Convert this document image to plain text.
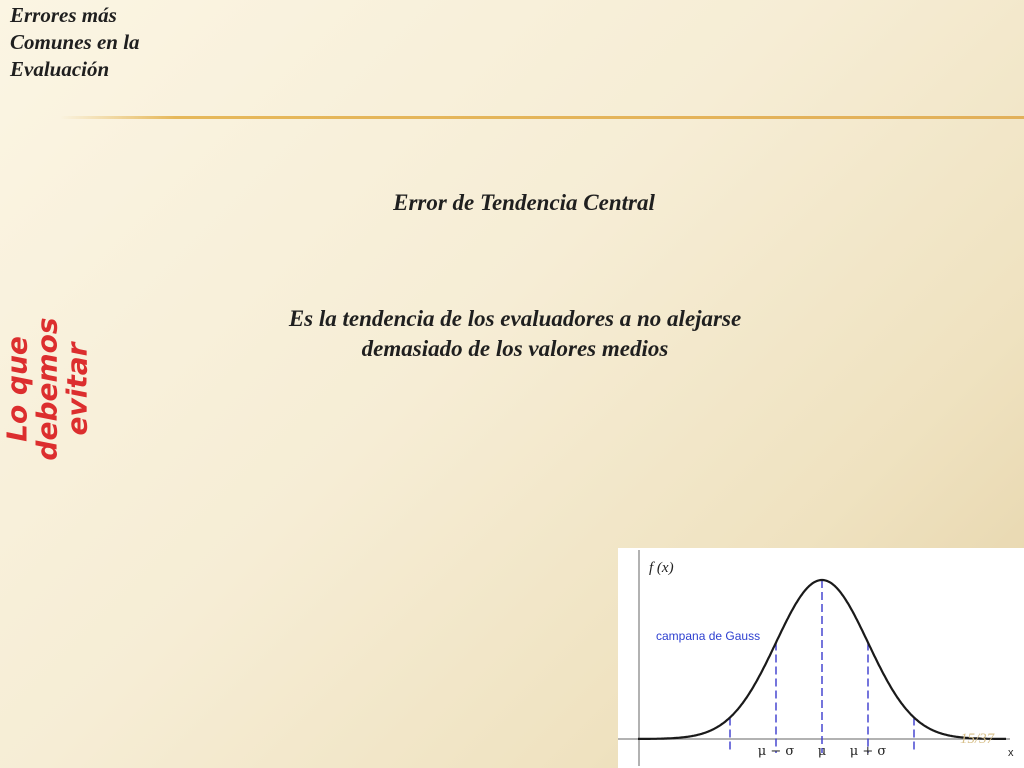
Errores más
Comunes en la
Evaluación
Lo que debemos
evitar
Error de Tendencia Central
Es la tendencia de los evaluadores a no alejarse demasiado de los valores medios
f (x)
x
campana de Gauss
μ − σ μ μ + σ
15/37
